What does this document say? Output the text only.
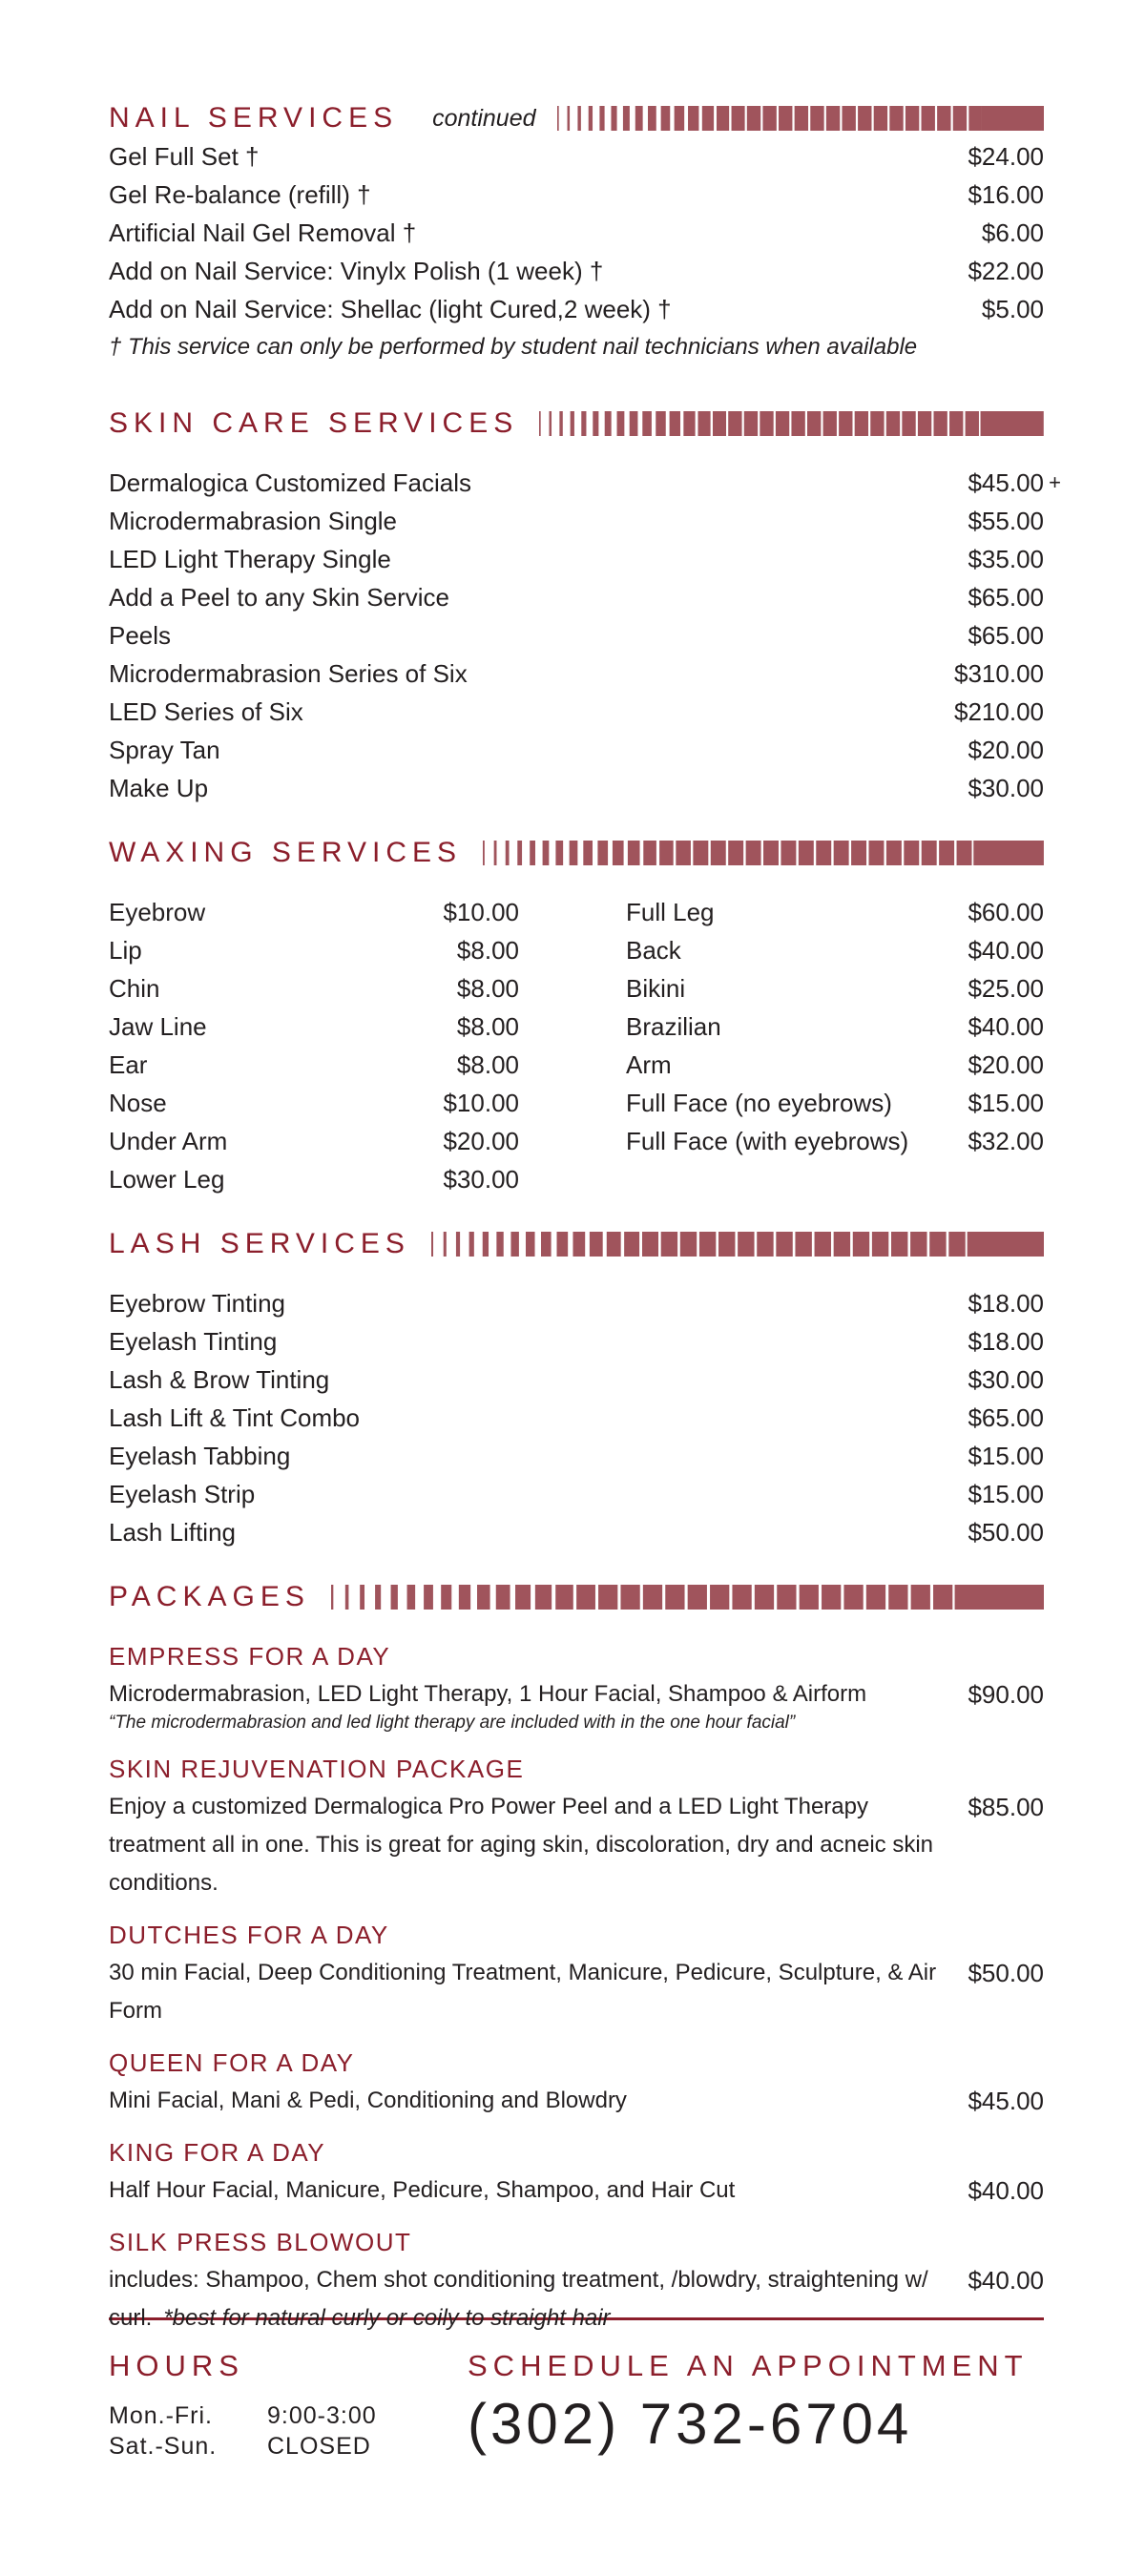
NAIL SERVICES continued
Gel Full Set †	$24.00
Gel Re-balance (refill) †	$16.00
Artificial Nail Gel Removal †	$6.00
Add on Nail Service: Vinylx Polish (1 week) †	$22.00
Add on Nail Service: Shellac (light Cured,2 week) †	$5.00
† This service can only be performed by student nail technicians when available
SKIN CARE SERVICES
Dermalogica Customized Facials	$45.00 +
Microdermabrasion Single	$55.00
LED Light Therapy Single	$35.00
Add a Peel to any Skin Service	$65.00
Peels	$65.00
Microdermabrasion Series of Six	$310.00
LED Series of Six	$210.00
Spray Tan	$20.00
Make Up	$30.00
WAXING SERVICES
Eyebrow	$10.00
Lip	$8.00
Chin	$8.00
Jaw Line	$8.00
Ear	$8.00
Nose	$10.00
Under Arm	$20.00
Lower Leg	$30.00
Full Leg	$60.00
Back	$40.00
Bikini	$25.00
Brazilian	$40.00
Arm	$20.00
Full Face (no eyebrows)	$15.00
Full Face (with eyebrows) $32.00
LASH SERVICES
Eyebrow Tinting	$18.00
Eyelash Tinting	$18.00
Lash & Brow Tinting	$30.00
Lash Lift & Tint Combo	$65.00
Eyelash Tabbing	$15.00
Eyelash Strip	$15.00
Lash Lifting	$50.00
PACKAGES
EMPRESS FOR A DAY
Microdermabrasion, LED Light Therapy, 1 Hour Facial, Shampoo & Airform	$90.00
“The microdermabrasion and led light therapy are included with in the one hour facial”
SKIN REJUVENATION PACKAGE
Enjoy a customized Dermalogica Pro Power Peel and a LED Light Therapy treatment all in one. This is great for aging skin, discoloration, dry and acneic skin conditions.
$85.00
DUTCHES FOR A DAY
30 min Facial, Deep Conditioning Treatment, Manicure, Pedicure, Sculpture, & Air Form
$50.00
QUEEN FOR A DAY
Mini Facial, Mani & Pedi, Conditioning and Blowdry	$45.00
KING FOR A DAY
Half Hour Facial, Manicure, Pedicure, Shampoo, and Hair Cut	$40.00
SILK PRESS BLOWOUT
includes: Shampoo, Chem shot conditioning treatment, /blowdry, straightening w/ curl. *best for natural curly or coily to straight hair
$40.00
HOURS
Mon.-Fri. 9:00-3:00
Sat.-Sun. CLOSED
SCHEDULE AN APPOINTMENT
(302) 732-6704
